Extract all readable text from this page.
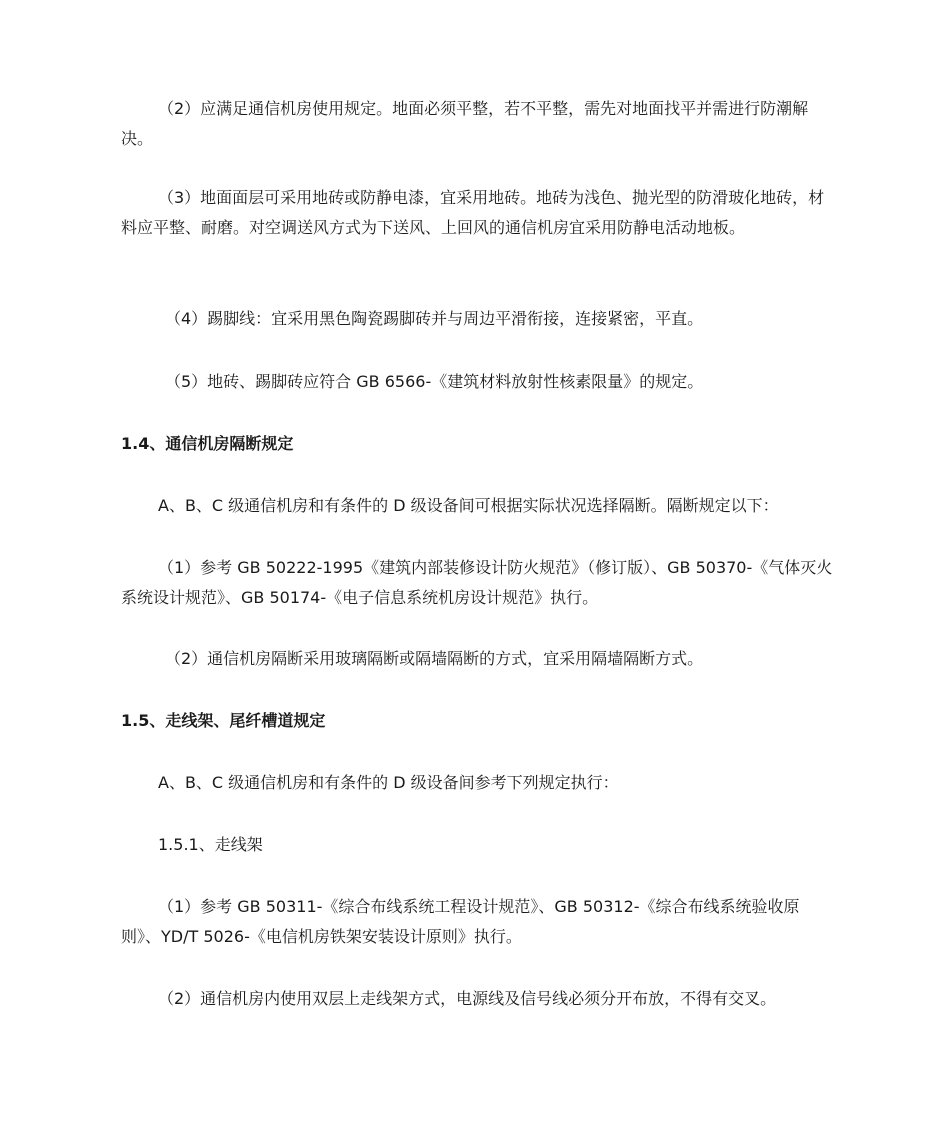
（2）应满足通信机房使用规定。地面必须平整，若不平整，需先对地面找平并需进行防潮解决。

（3）地面面层可采用地砖或防静电漆，宜采用地砖。地砖为浅色、抛光型的防滑玻化地砖，材料应平整、耐磨。对空调送风方式为下送风、上回风的通信机房宜采用防静电活动地板。

（4）踢脚线：宜采用黑色陶瓷踢脚砖并与周边平滑衔接，连接紧密，平直。

（5）地砖、踢脚砖应符合 GB 6566-《建筑材料放射性核素限量》的规定。

1.4、通信机房隔断规定

A、B、C 级通信机房和有条件的 D 级设备间可根据实际状况选择隔断。隔断规定以下：

（1）参考 GB 50222-1995《建筑内部装修设计防火规范》（修订版）、GB 50370-《气体灭火系统设计规范》、GB 50174-《电子信息系统机房设计规范》执行。

（2）通信机房隔断采用玻璃隔断或隔墙隔断的方式，宜采用隔墙隔断方式。

1.5、走线架、尾纤槽道规定

A、B、C 级通信机房和有条件的 D 级设备间参考下列规定执行：

1.5.1、走线架

（1）参考 GB 50311-《综合布线系统工程设计规范》、GB 50312-《综合布线系统验收原则》、YD/T 5026-《电信机房铁架安装设计原则》执行。

（2）通信机房内使用双层上走线架方式，电源线及信号线必须分开布放，不得有交叉。
